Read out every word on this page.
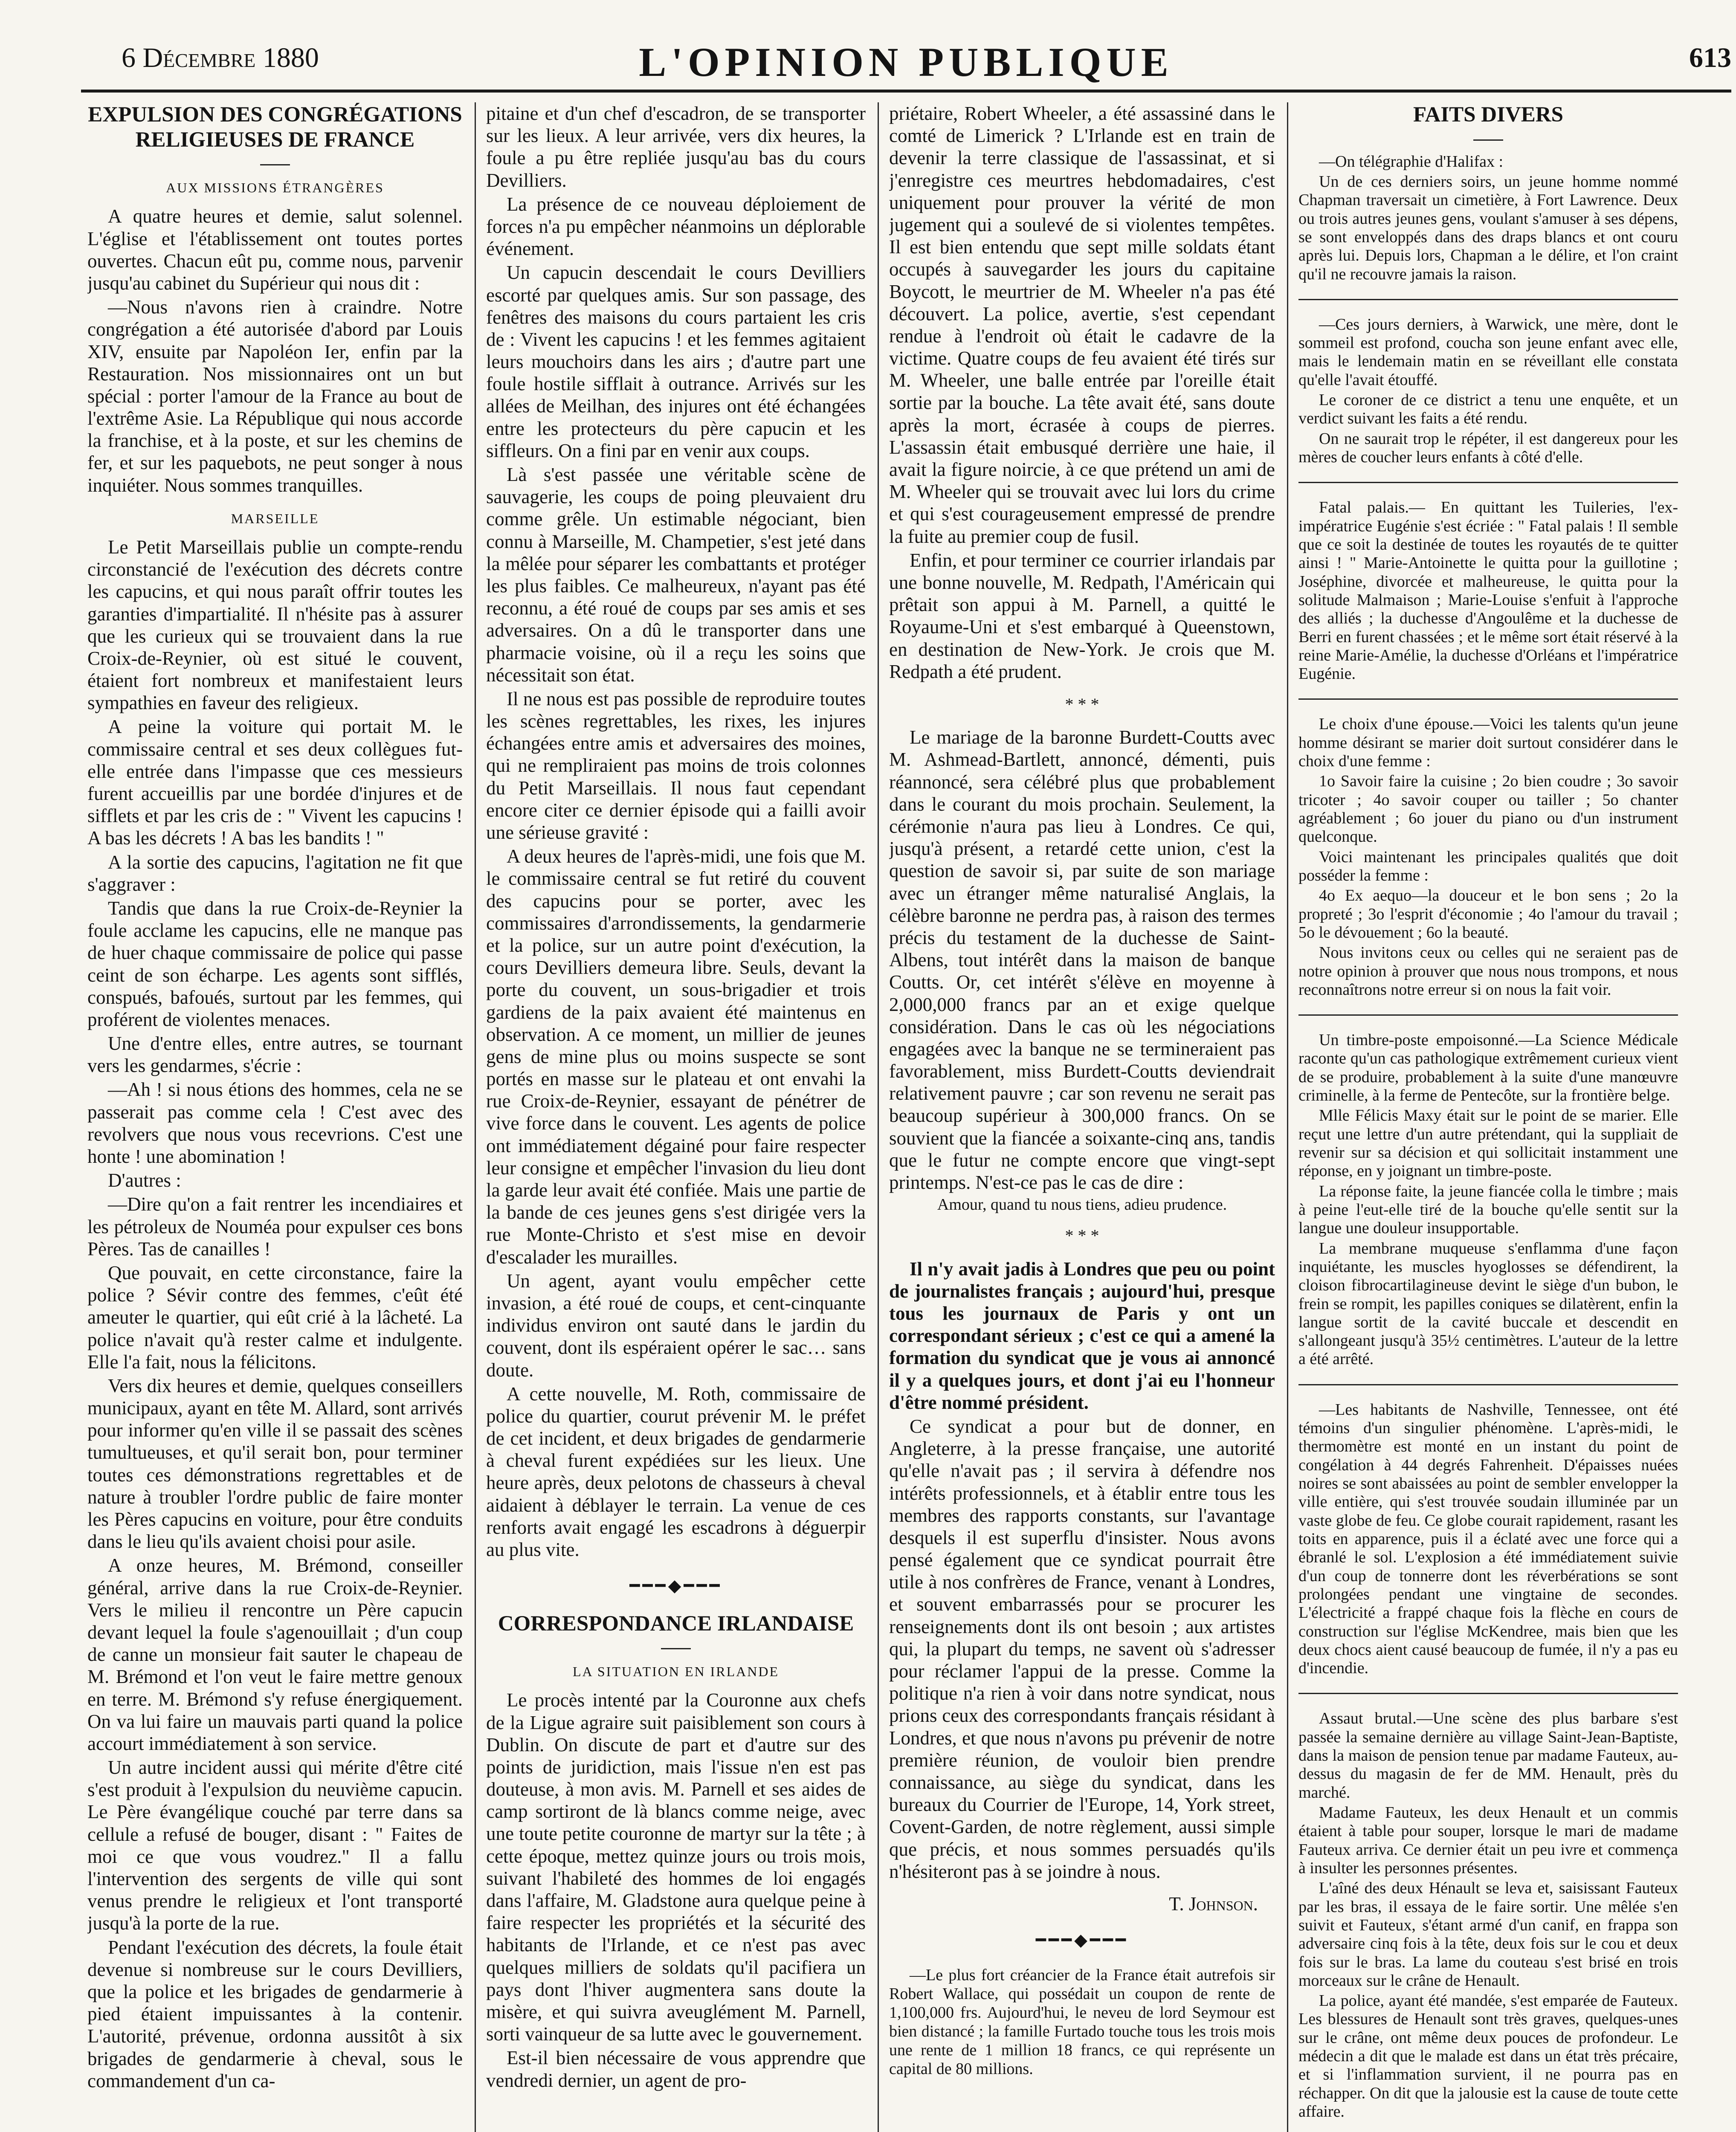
6 Décembre 1880	L'OPINION PUBLIQUE	613
EXPULSION DES CONGRÉGATIONS RELIGIEUSES DE FRANCE
AUX MISSIONS ÉTRANGÈRES

A quatre heures et demie, salut solennel. L'église et l'établissement ont toutes portes ouvertes. Chacun eût pu, comme nous, parvenir jusqu'au cabinet du Supérieur qui nous dit :

—Nous n'avons rien à craindre. Notre congrégation a été autorisée d'abord par Louis XIV, ensuite par Napoléon Ier, enfin par la Restauration. Nos missionnaires ont un but spécial : porter l'amour de la France au bout de l'extrême Asie. La République qui nous accorde la franchise, et à la poste, et sur les chemins de fer, et sur les paquebots, ne peut songer à nous inquiéter. Nous sommes tranquilles.

MARSEILLE

Le Petit Marseillais publie un compte-rendu circonstancié de l'exécution des décrets contre les capucins, et qui nous paraît offrir toutes les garanties d'impartialité. Il n'hésite pas à assurer que les curieux qui se trouvaient dans la rue Croix-de-Reynier, où est situé le couvent, étaient fort nombreux et manifestaient leurs sympathies en faveur des religieux.

A peine la voiture qui portait M. le commissaire central et ses deux collègues fut-elle entrée dans l'impasse que ces messieurs furent accueillis par une bordée d'injures et de sifflets et par les cris de : " Vivent les capucins ! A bas les décrets ! A bas les bandits ! "

A la sortie des capucins, l'agitation ne fit que s'aggraver :

Tandis que dans la rue Croix-de-Reynier la foule acclame les capucins, elle ne manque pas de huer chaque commissaire de police qui passe ceint de son écharpe. Les agents sont sifflés, conspués, bafoués, surtout par les femmes, qui proférent de violentes menaces.

Une d'entre elles, entre autres, se tournant vers les gendarmes, s'écrie :

—Ah ! si nous étions des hommes, cela ne se passerait pas comme cela ! C'est avec des revolvers que nous vous recevrions. C'est une honte ! une abomination !

D'autres :

—Dire qu'on a fait rentrer les incendiaires et les pétroleux de Nouméa pour expulser ces bons Pères. Tas de canailles !

Que pouvait, en cette circonstance, faire la police ? Sévir contre des femmes, c'eût été ameuter le quartier, qui eût crié à la lâcheté. La police n'avait qu'à rester calme et indulgente. Elle l'a fait, nous la félicitons.

Vers dix heures et demie, quelques conseillers municipaux, ayant en tête M. Allard, sont arrivés pour informer qu'en ville il se passait des scènes tumultueuses, et qu'il serait bon, pour terminer toutes ces démonstrations regrettables et de nature à troubler l'ordre public de faire monter les Pères capucins en voiture, pour être conduits dans le lieu qu'ils avaient choisi pour asile.

A onze heures, M. Brémond, conseiller général, arrive dans la rue Croix-de-Reynier. Vers le milieu il rencontre un Père capucin devant lequel la foule s'agenouillait ; d'un coup de canne un monsieur fait sauter le chapeau de M. Brémond et l'on veut le faire mettre genoux en terre. M. Brémond s'y refuse énergiquement. On va lui faire un mauvais parti quand la police accourt immédiatement à son service.

Un autre incident aussi qui mérite d'être cité s'est produit à l'expulsion du neuvième capucin. Le Père évangélique couché par terre dans sa cellule a refusé de bouger, disant : " Faites de moi ce que vous voudrez." Il a fallu l'intervention des sergents de ville qui sont venus prendre le religieux et l'ont transporté jusqu'à la porte de la rue.

Pendant l'exécution des décrets, la foule était devenue si nombreuse sur le cours Devilliers, que la police et les brigades de gendarmerie à pied étaient impuissantes à la contenir. L'autorité, prévenue, ordonna aussitôt à six brigades de gendarmerie à cheval, sous le commandement d'un ca-

pitaine et d'un chef d'escadron, de se transporter sur les lieux. A leur arrivée, vers dix heures, la foule a pu être repliée jusqu'au bas du cours Devilliers.

La présence de ce nouveau déploiement de forces n'a pu empêcher néanmoins un déplorable événement.

Un capucin descendait le cours Devilliers escorté par quelques amis. Sur son passage, des fenêtres des maisons du cours partaient les cris de : Vivent les capucins ! et les femmes agitaient leurs mouchoirs dans les airs ; d'autre part une foule hostile sifflait à outrance. Arrivés sur les allées de Meilhan, des injures ont été échangées entre les protecteurs du père capucin et les siffleurs. On a fini par en venir aux coups.

Là s'est passée une véritable scène de sauvagerie, les coups de poing pleuvaient dru comme grêle. Un estimable négociant, bien connu à Marseille, M. Champetier, s'est jeté dans la mêlée pour séparer les combattants et protéger les plus faibles. Ce malheureux, n'ayant pas été reconnu, a été roué de coups par ses amis et ses adversaires. On a dû le transporter dans une pharmacie voisine, où il a reçu les soins que nécessitait son état.

Il ne nous est pas possible de reproduire toutes les scènes regrettables, les rixes, les injures échangées entre amis et adversaires des moines, qui ne rempliraient pas moins de trois colonnes du Petit Marseillais. Il nous faut cependant encore citer ce dernier épisode qui a failli avoir une sérieuse gravité :

A deux heures de l'après-midi, une fois que M. le commissaire central se fut retiré du couvent des capucins pour se porter, avec les commissaires d'arrondissements, la gendarmerie et la police, sur un autre point d'exécution, la cours Devilliers demeura libre. Seuls, devant la porte du couvent, un sous-brigadier et trois gardiens de la paix avaient été maintenus en observation. A ce moment, un millier de jeunes gens de mine plus ou moins suspecte se sont portés en masse sur le plateau et ont envahi la rue Croix-de-Reynier, essayant de pénétrer de vive force dans le couvent. Les agents de police ont immédiatement dégainé pour faire respecter leur consigne et empêcher l'invasion du lieu dont la garde leur avait été confiée. Mais une partie de la bande de ces jeunes gens s'est dirigée vers la rue Monte-Christo et s'est mise en devoir d'escalader les murailles.

Un agent, ayant voulu empêcher cette invasion, a été roué de coups, et cent-cinquante individus environ ont sauté dans le jardin du couvent, dont ils espéraient opérer le sac… sans doute.

A cette nouvelle, M. Roth, commissaire de police du quartier, courut prévenir M. le préfet de cet incident, et deux brigades de gendarmerie à cheval furent expédiées sur les lieux. Une heure après, deux pelotons de chasseurs à cheval aidaient à déblayer le terrain. La venue de ces renforts avait engagé les escadrons à déguerpir au plus vite.

━━━◆━━━
CORRESPONDANCE IRLANDAISE
LA SITUATION EN IRLANDE

Le procès intenté par la Couronne aux chefs de la Ligue agraire suit paisiblement son cours à Dublin. On discute de part et d'autre sur des points de juridiction, mais l'issue n'en est pas douteuse, à mon avis. M. Parnell et ses aides de camp sortiront de là blancs comme neige, avec une toute petite couronne de martyr sur la tête ; à cette époque, mettez quinze jours ou trois mois, suivant l'habileté des hommes de loi engagés dans l'affaire, M. Gladstone aura quelque peine à faire respecter les propriétés et la sécurité des habitants de l'Irlande, et ce n'est pas avec quelques milliers de soldats qu'il pacifiera un pays dont l'hiver augmentera sans doute la misère, et qui suivra aveuglément M. Parnell, sorti vainqueur de sa lutte avec le gouvernement.

Est-il bien nécessaire de vous apprendre que vendredi dernier, un agent de pro-

priétaire, Robert Wheeler, a été assassiné dans le comté de Limerick ? L'Irlande est en train de devenir la terre classique de l'assassinat, et si j'enregistre ces meurtres hebdomadaires, c'est uniquement pour prouver la vérité de mon jugement qui a soulevé de si violentes tempêtes. Il est bien entendu que sept mille soldats étant occupés à sauvegarder les jours du capitaine Boycott, le meurtrier de M. Wheeler n'a pas été découvert. La police, avertie, s'est cependant rendue à l'endroit où était le cadavre de la victime. Quatre coups de feu avaient été tirés sur M. Wheeler, une balle entrée par l'oreille était sortie par la bouche. La tête avait été, sans doute après la mort, écrasée à coups de pierres. L'assassin était embusqué derrière une haie, il avait la figure noircie, à ce que prétend un ami de M. Wheeler qui se trouvait avec lui lors du crime et qui s'est courageusement empressé de prendre la fuite au premier coup de fusil.

Enfin, et pour terminer ce courrier irlandais par une bonne nouvelle, M. Redpath, l'Américain qui prêtait son appui à M. Parnell, a quitté le Royaume-Uni et s'est embarqué à Queenstown, en destination de New-York. Je crois que M. Redpath a été prudent.

* * *

Le mariage de la baronne Burdett-Coutts avec M. Ashmead-Bartlett, annoncé, démenti, puis réannoncé, sera célébré plus que probablement dans le courant du mois prochain. Seulement, la cérémonie n'aura pas lieu à Londres. Ce qui, jusqu'à présent, a retardé cette union, c'est la question de savoir si, par suite de son mariage avec un étranger même naturalisé Anglais, la célèbre baronne ne perdra pas, à raison des termes précis du testament de la duchesse de Saint-Albens, tout intérêt dans la maison de banque Coutts. Or, cet intérêt s'élève en moyenne à 2,000,000 francs par an et exige quelque considération. Dans le cas où les négociations engagées avec la banque ne se termineraient pas favorablement, miss Burdett-Coutts deviendrait relativement pauvre ; car son revenu ne serait pas beaucoup supérieur à 300,000 francs. On se souvient que la fiancée a soixante-cinq ans, tandis que le futur ne compte encore que vingt-sept printemps. N'est-ce pas le cas de dire :

Amour, quand tu nous tiens, adieu prudence.

* * *

Il n'y avait jadis à Londres que peu ou point de journalistes français ; aujourd'hui, presque tous les journaux de Paris y ont un correspondant sérieux ; c'est ce qui a amené la formation du syndicat que je vous ai annoncé il y a quelques jours, et dont j'ai eu l'honneur d'être nommé président.

Ce syndicat a pour but de donner, en Angleterre, à la presse française, une autorité qu'elle n'avait pas ; il servira à défendre nos intérêts professionnels, et à établir entre tous les membres des rapports constants, sur l'avantage desquels il est superflu d'insister. Nous avons pensé également que ce syndicat pourrait être utile à nos confrères de France, venant à Londres, et souvent embarrassés pour se procurer les renseignements dont ils ont besoin ; aux artistes qui, la plupart du temps, ne savent où s'adresser pour réclamer l'appui de la presse. Comme la politique n'a rien à voir dans notre syndicat, nous prions ceux des correspondants français résidant à Londres, et que nous n'avons pu prévenir de notre première réunion, de vouloir bien prendre connaissance, au siège du syndicat, dans les bureaux du Courrier de l'Europe, 14, York street, Covent-Garden, de notre règlement, aussi simple que précis, et nous sommes persuadés qu'ils n'hésiteront pas à se joindre à nous.

T. Johnson.
━━━◆━━━

—Le plus fort créancier de la France était autrefois sir Robert Wallace, qui possédait un coupon de rente de 1,100,000 frs. Aujourd'hui, le neveu de lord Seymour est bien distancé ; la famille Furtado touche tous les trois mois une rente de 1 million 18 francs, ce qui représente un capital de 80 millions.

FAITS DIVERS

—On télégraphie d'Halifax :

Un de ces derniers soirs, un jeune homme nommé Chapman traversait un cimetière, à Fort Lawrence. Deux ou trois autres jeunes gens, voulant s'amuser à ses dépens, se sont enveloppés dans des draps blancs et ont couru après lui. Depuis lors, Chapman a le délire, et l'on craint qu'il ne recouvre jamais la raison.

—Ces jours derniers, à Warwick, une mère, dont le sommeil est profond, coucha son jeune enfant avec elle, mais le lendemain matin en se réveillant elle constata qu'elle l'avait étouffé.

Le coroner de ce district a tenu une enquête, et un verdict suivant les faits a été rendu.

On ne saurait trop le répéter, il est dangereux pour les mères de coucher leurs enfants à côté d'elle.

Fatal palais.— En quittant les Tuileries, l'ex-impératrice Eugénie s'est écriée : " Fatal palais ! Il semble que ce soit la destinée de toutes les royautés de te quitter ainsi ! " Marie-Antoinette le quitta pour la guillotine ; Joséphine, divorcée et malheureuse, le quitta pour la solitude Malmaison ; Marie-Louise s'enfuit à l'approche des alliés ; la duchesse d'Angoulême et la duchesse de Berri en furent chassées ; et le même sort était réservé à la reine Marie-Amélie, la duchesse d'Orléans et l'impératrice Eugénie.

Le choix d'une épouse.—Voici les talents qu'un jeune homme désirant se marier doit surtout considérer dans le choix d'une femme :

1o Savoir faire la cuisine ; 2o bien coudre ; 3o savoir tricoter ; 4o savoir couper ou tailler ; 5o chanter agréablement ; 6o jouer du piano ou d'un instrument quelconque.

Voici maintenant les principales qualités que doit posséder la femme :

4o Ex aequo—la douceur et le bon sens ; 2o la propreté ; 3o l'esprit d'économie ; 4o l'amour du travail ; 5o le dévouement ; 6o la beauté.

Nous invitons ceux ou celles qui ne seraient pas de notre opinion à prouver que nous nous trompons, et nous reconnaîtrons notre erreur si on nous la fait voir.

Un timbre-poste empoisonné.—La Science Médicale raconte qu'un cas pathologique extrêmement curieux vient de se produire, probablement à la suite d'une manœuvre criminelle, à la ferme de Pentecôte, sur la frontière belge.

Mlle Félicis Maxy était sur le point de se marier. Elle reçut une lettre d'un autre prétendant, qui la suppliait de revenir sur sa décision et qui sollicitait instamment une réponse, en y joignant un timbre-poste.

La réponse faite, la jeune fiancée colla le timbre ; mais à peine l'eut-elle tiré de la bouche qu'elle sentit sur la langue une douleur insupportable.

La membrane muqueuse s'enflamma d'une façon inquiétante, les muscles hyoglosses se défendirent, la cloison fibrocartilagineuse devint le siège d'un bubon, le frein se rompit, les papilles coniques se dilatèrent, enfin la langue sortit de la cavité buccale et descendit en s'allongeant jusqu'à 35½ centimètres. L'auteur de la lettre a été arrêté.

—Les habitants de Nashville, Tennessee, ont été témoins d'un singulier phénomène. L'après-midi, le thermomètre est monté en un instant du point de congélation à 44 degrés Fahrenheit. D'épaisses nuées noires se sont abaissées au point de sembler envelopper la ville entière, qui s'est trouvée soudain illuminée par un vaste globe de feu. Ce globe courait rapidement, rasant les toits en apparence, puis il a éclaté avec une force qui a ébranlé le sol. L'explosion a été immédiatement suivie d'un coup de tonnerre dont les réverbérations se sont prolongées pendant une vingtaine de secondes. L'électricité a frappé chaque fois la flèche en cours de construction sur l'église McKendree, mais bien que les deux chocs aient causé beaucoup de fumée, il n'y a pas eu d'incendie.

Assaut brutal.—Une scène des plus barbare s'est passée la semaine dernière au village Saint-Jean-Baptiste, dans la maison de pension tenue par madame Fauteux, au-dessus du magasin de fer de MM. Henault, près du marché.

Madame Fauteux, les deux Henault et un commis étaient à table pour souper, lorsque le mari de madame Fauteux arriva. Ce dernier était un peu ivre et commença à insulter les personnes présentes.

L'aîné des deux Hénault se leva et, saisissant Fauteux par les bras, il essaya de le faire sortir. Une mêlée s'en suivit et Fauteux, s'étant armé d'un canif, en frappa son adversaire cinq fois à la tête, deux fois sur le cou et deux fois sur le bras. La lame du couteau s'est brisé en trois morceaux sur le crâne de Henault.

La police, ayant été mandée, s'est emparée de Fauteux. Les blessures de Henault sont très graves, quelques-unes sur le crâne, ont même deux pouces de profondeur. Le médecin a dit que le malade est dans un état très précaire, et si l'inflammation survient, il ne pourra pas en réchapper. On dit que la jalousie est la cause de toute cette affaire.
